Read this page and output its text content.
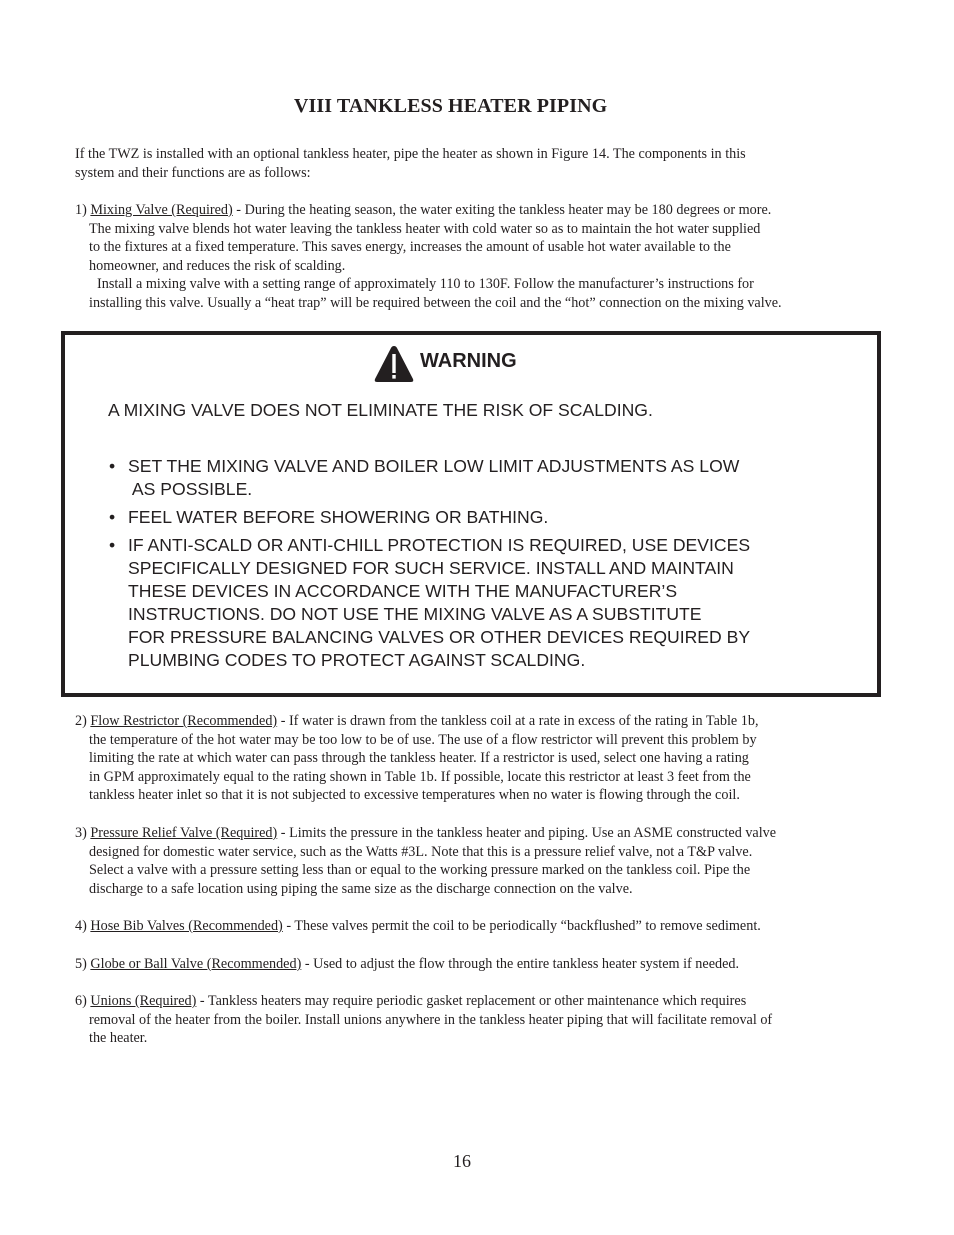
VIII TANKLESS HEATER PIPING

If the TWZ is installed with an optional tankless heater, pipe the heater as shown in Figure 14. The components in this
system and their functions are as follows:

1) Mixing Valve (Required) - During the heating season, the water exiting the tankless heater may be 180 degrees or more.
The mixing valve blends hot water leaving the tankless heater with cold water so as to maintain the hot water supplied
to the fixtures at a fixed temperature. This saves energy, increases the amount of usable hot water available to the
homeowner, and reduces the risk of scalding.
Install a mixing valve with a setting range of approximately 110 to 130F. Follow the manufacturer’s instructions for
installing this valve. Usually a “heat trap” will be required between the coil and the “hot” connection on the mixing valve.
WARNING
A MIXING VALVE DOES NOT ELIMINATE THE RISK OF SCALDING.
• SET THE MIXING VALVE AND BOILER LOW LIMIT ADJUSTMENTS AS LOW
AS POSSIBLE.
• FEEL WATER BEFORE SHOWERING OR BATHING.
• IF ANTI-SCALD OR ANTI-CHILL PROTECTION IS REQUIRED, USE DEVICES
SPECIFICALLY DESIGNED FOR SUCH SERVICE. INSTALL AND MAINTAIN
THESE DEVICES IN ACCORDANCE WITH THE MANUFACTURER’S
INSTRUCTIONS. DO NOT USE THE MIXING VALVE AS A SUBSTITUTE
FOR PRESSURE BALANCING VALVES OR OTHER DEVICES REQUIRED BY
PLUMBING CODES TO PROTECT AGAINST SCALDING.
2) Flow Restrictor (Recommended) - If water is drawn from the tankless coil at a rate in excess of the rating in Table 1b,
the temperature of the hot water may be too low to be of use. The use of a flow restrictor will prevent this problem by
limiting the rate at which water can pass through the tankless heater. If a restrictor is used, select one having a rating
in GPM approximately equal to the rating shown in Table 1b. If possible, locate this restrictor at least 3 feet from the
tankless heater inlet so that it is not subjected to excessive temperatures when no water is flowing through the coil.
3) Pressure Relief Valve (Required) - Limits the pressure in the tankless heater and piping. Use an ASME constructed valve
designed for domestic water service, such as the Watts #3L. Note that this is a pressure relief valve, not a T&P valve.
Select a valve with a pressure setting less than or equal to the working pressure marked on the tankless coil. Pipe the
discharge to a safe location using piping the same size as the discharge connection on the valve.
4) Hose Bib Valves (Recommended) - These valves permit the coil to be periodically “backflushed” to remove sediment.
5) Globe or Ball Valve (Recommended) - Used to adjust the flow through the entire tankless heater system if needed.
6) Unions (Required) - Tankless heaters may require periodic gasket replacement or other maintenance which requires
removal of the heater from the boiler. Install unions anywhere in the tankless heater piping that will facilitate removal of
the heater.
16
